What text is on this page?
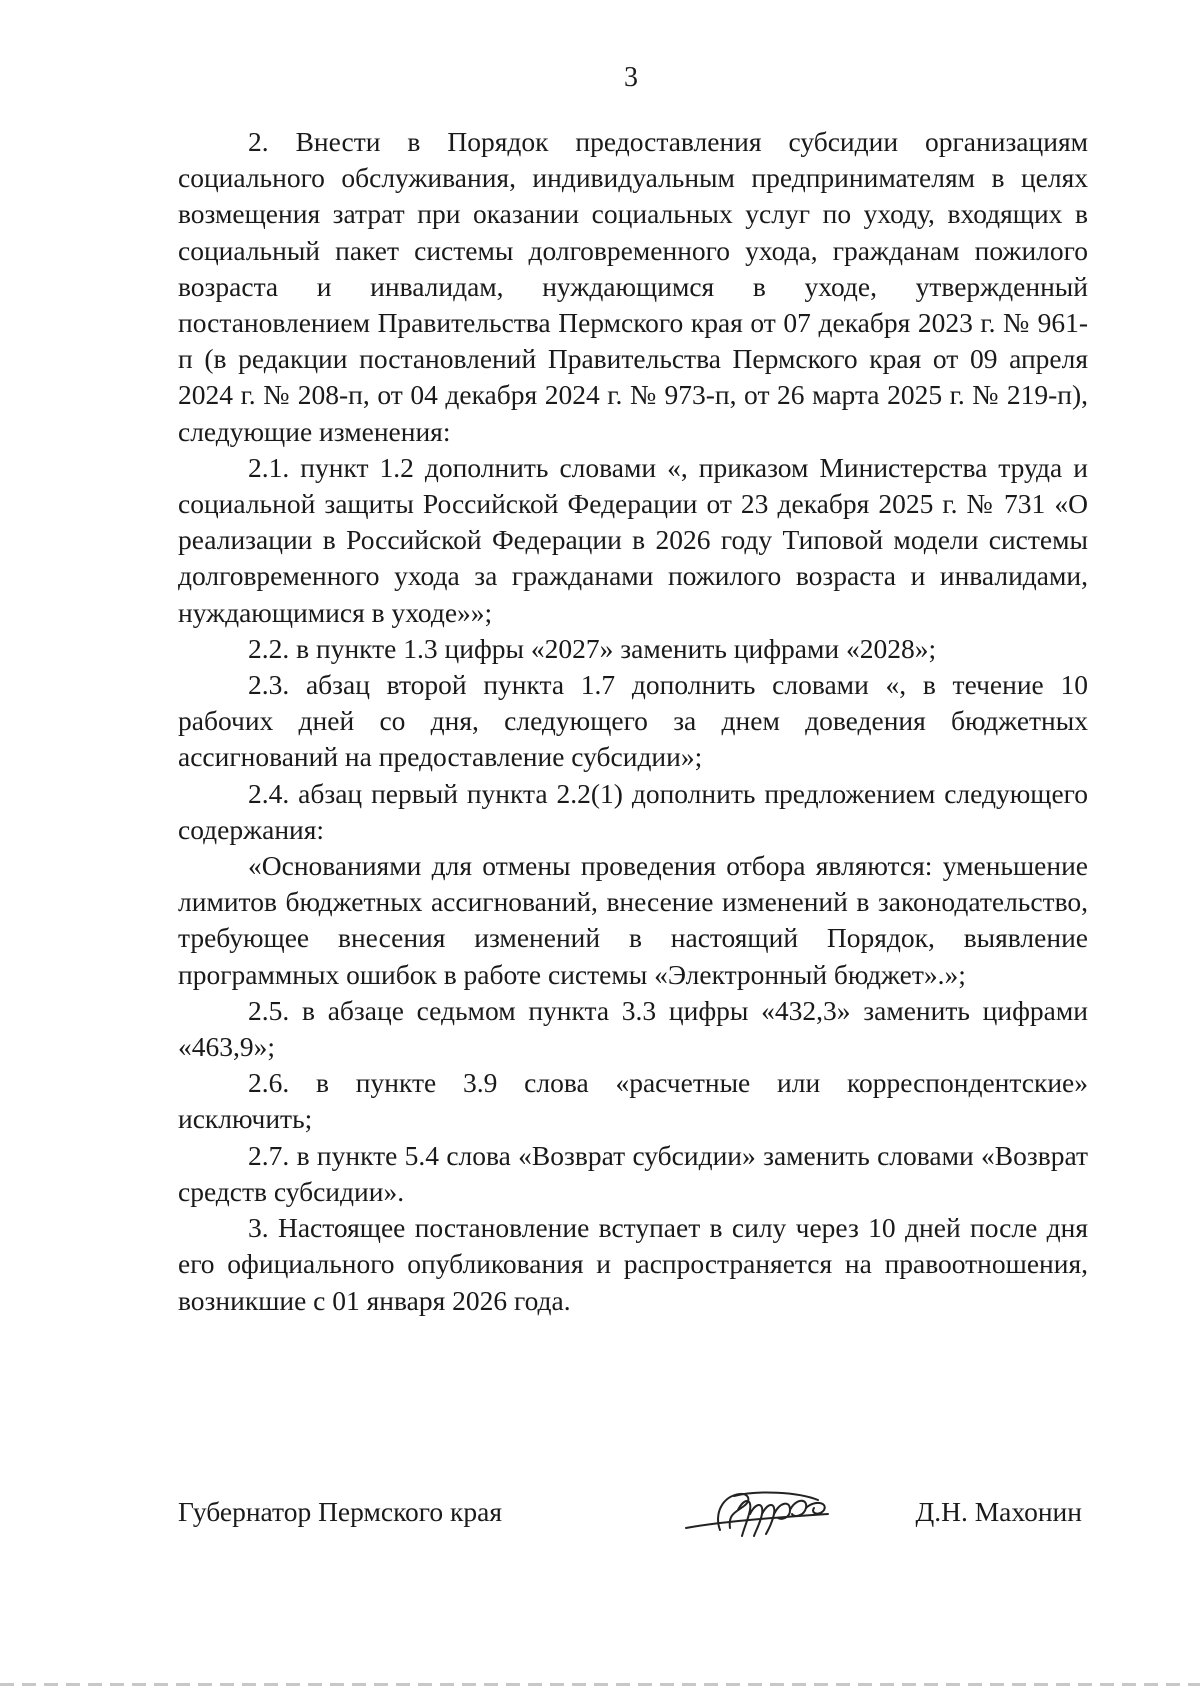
3

2. Внести в Порядок предоставления субсидии организациям социального обслуживания, индивидуальным предпринимателям в целях возмещения затрат при оказании социальных услуг по уходу, входящих в социальный пакет системы долговременного ухода, гражданам пожилого возраста и инвалидам, нуждающимся в уходе, утвержденный постановлением Правительства Пермского края от 07 декабря 2023 г. № 961-п (в редакции постановлений Правительства Пермского края от 09 апреля 2024 г. № 208-п, от 04 декабря 2024 г. № 973-п, от 26 марта 2025 г. № 219-п), следующие изменения:

2.1. пункт 1.2 дополнить словами «, приказом Министерства труда и социальной защиты Российской Федерации от 23 декабря 2025 г. № 731 «О реализации в Российской Федерации в 2026 году Типовой модели системы долговременного ухода за гражданами пожилого возраста и инвалидами, нуждающимися в уходе»»;

2.2. в пункте 1.3 цифры «2027» заменить цифрами «2028»;

2.3. абзац второй пункта 1.7 дополнить словами «, в течение 10 рабочих дней со дня, следующего за днем доведения бюджетных ассигнований на предоставление субсидии»;

2.4. абзац первый пункта 2.2(1) дополнить предложением следующего содержания:

«Основаниями для отмены проведения отбора являются: уменьшение лимитов бюджетных ассигнований, внесение изменений в законодательство, требующее внесения изменений в настоящий Порядок, выявление программных ошибок в работе системы «Электронный бюджет».»;

2.5. в абзаце седьмом пункта 3.3 цифры «432,3» заменить цифрами «463,9»;

2.6. в пункте 3.9 слова «расчетные или корреспондентские» исключить;

2.7. в пункте 5.4 слова «Возврат субсидии» заменить словами «Возврат средств субсидии».

3. Настоящее постановление вступает в силу через 10 дней после дня его официального опубликования и распространяется на правоотношения, возникшие с 01 января 2026 года.

Губернатор Пермского края	Д.Н. Махонин
